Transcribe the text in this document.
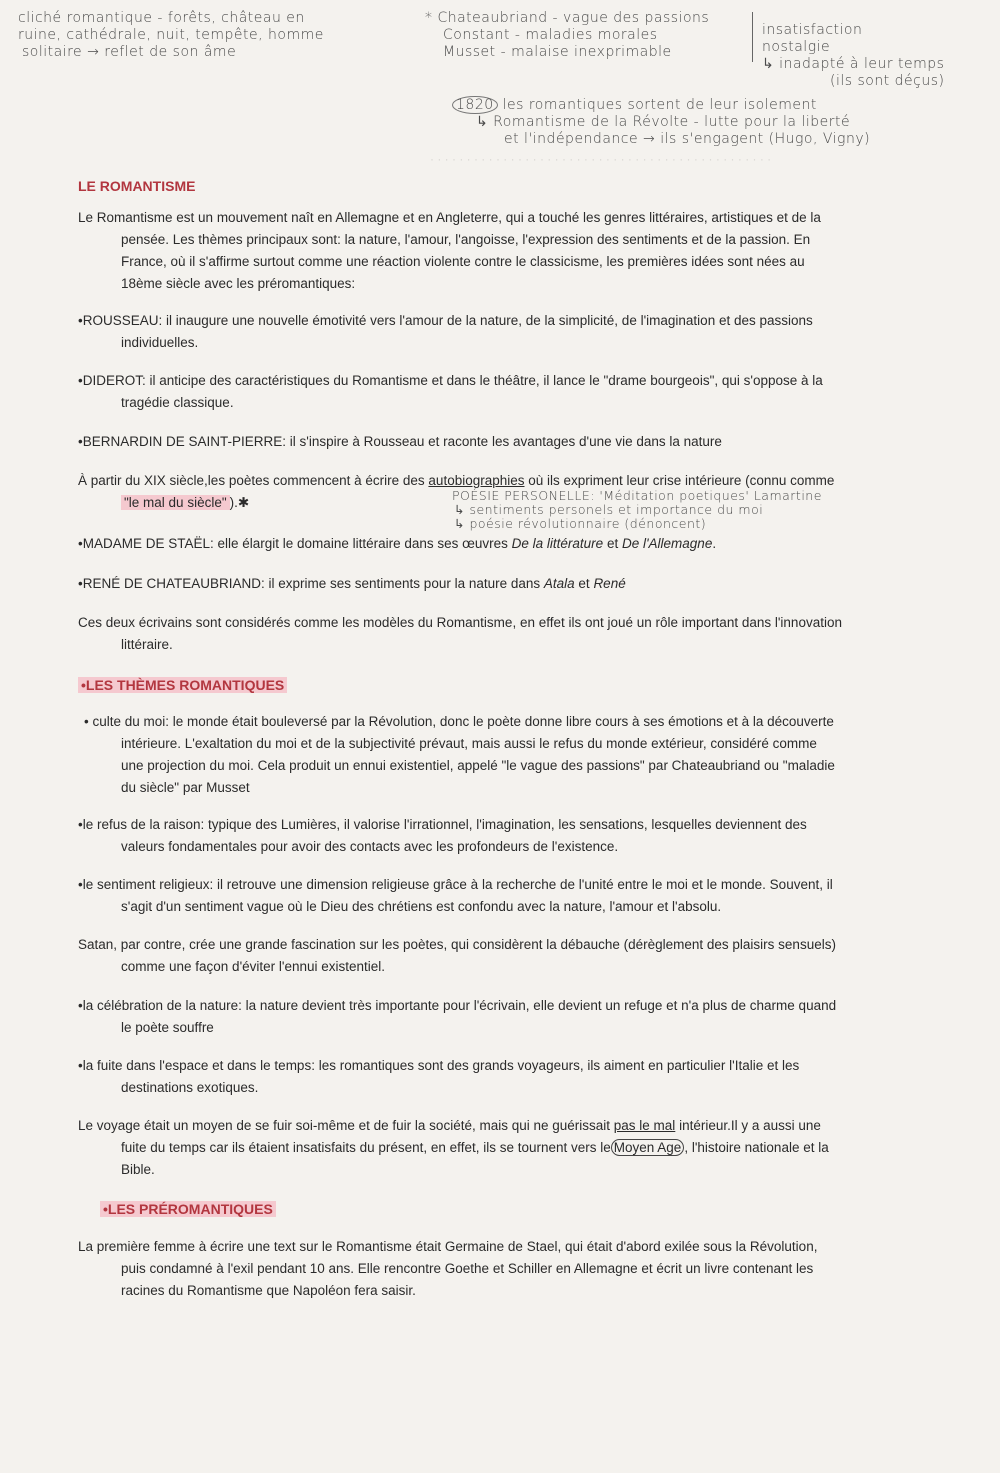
cliché romantique - forêts, château en
ruine, cathédrale, nuit, tempête, homme
solitaire → reflet de son âme
* Chateaubriand - vague des passions
Constant - maladies morales
Musset - malaise inexprimable
insatisfaction
nostalgie
↳ inadapté à leur temps
(ils sont déçus)
1820 les romantiques sortent de leur isolement
↳ Romantisme de la Révolte - lutte pour la liberté
et l'indépendance → ils s'engagent (Hugo, Vigny)
· · · · · · · · · · · · · · · · · · · · · · · · · · · · · · · · · · · · · · · · · · · · · · ·
LE ROMANTISME
Le Romantisme est un mouvement naît en Allemagne et en Angleterre, qui a touché les genres littéraires, artistiques et de la
pensée. Les thèmes principaux sont: la nature, l'amour, l'angoisse, l'expression des sentiments et de la passion. En
France, où il s'affirme surtout comme une réaction violente contre le classicisme, les premières idées sont nées au
18ème siècle avec les préromantiques:
•ROUSSEAU: il inaugure une nouvelle émotivité vers l'amour de la nature, de la simplicité, de l'imagination et des passions
individuelles.
•DIDEROT: il anticipe des caractéristiques du Romantisme et dans le théâtre, il lance le "drame bourgeois", qui s'oppose à la
tragédie classique.
•BERNARDIN DE SAINT-PIERRE: il s'inspire à Rousseau et raconte les avantages d'une vie dans la nature
À partir du XIX siècle,les poètes commencent à écrire des autobiographies où ils expriment leur crise intérieure (connu comme
"le mal du siècle" ).✱	POÉSIE PERSONELLE: 'Méditation poetiques' Lamartine
↳ sentiments personels et importance du moi
↳ poésie révolutionnaire (dénoncent)
•MADAME DE STAËL: elle élargit le domaine littéraire dans ses œuvres De la littérature et De l'Allemagne.
•RENÉ DE CHATEAUBRIAND: il exprime ses sentiments pour la nature dans Atala et René
Ces deux écrivains sont considérés comme les modèles du Romantisme, en effet ils ont joué un rôle important dans l'innovation
littéraire.
•LES THÈMES ROMANTIQUES
• culte du moi: le monde était bouleversé par la Révolution, donc le poète donne libre cours à ses émotions et à la découverte
intérieure. L'exaltation du moi et de la subjectivité prévaut, mais aussi le refus du monde extérieur, considéré comme
une projection du moi. Cela produit un ennui existentiel, appelé "le vague des passions" par Chateaubriand ou "maladie
du siècle" par Musset
•le refus de la raison: typique des Lumières, il valorise l'irrationnel, l'imagination, les sensations, lesquelles deviennent des
valeurs fondamentales pour avoir des contacts avec les profondeurs de l'existence.
•le sentiment religieux: il retrouve une dimension religieuse grâce à la recherche de l'unité entre le moi et le monde. Souvent, il
s'agit d'un sentiment vague où le Dieu des chrétiens est confondu avec la nature, l'amour et l'absolu.
Satan, par contre, crée une grande fascination sur les poètes, qui considèrent la débauche (dérèglement des plaisirs sensuels)
comme une façon d'éviter l'ennui existentiel.
•la célébration de la nature: la nature devient très importante pour l'écrivain, elle devient un refuge et n'a plus de charme quand
le poète souffre
•la fuite dans l'espace et dans le temps: les romantiques sont des grands voyageurs, ils aiment en particulier l'Italie et les
destinations exotiques.
Le voyage était un moyen de se fuir soi-même et de fuir la société, mais qui ne guérissait pas le mal intérieur.Il y a aussi une
fuite du temps car ils étaient insatisfaits du présent, en effet, ils se tournent vers le Moyen Age , l'histoire nationale et la
Bible.
•LES PRÉROMANTIQUES
La première femme à écrire une text sur le Romantisme était Germaine de Stael, qui était d'abord exilée sous la Révolution,
puis condamné à l'exil pendant 10 ans. Elle rencontre Goethe et Schiller en Allemagne et écrit un livre contenant les
racines du Romantisme que Napoléon fera saisir.
